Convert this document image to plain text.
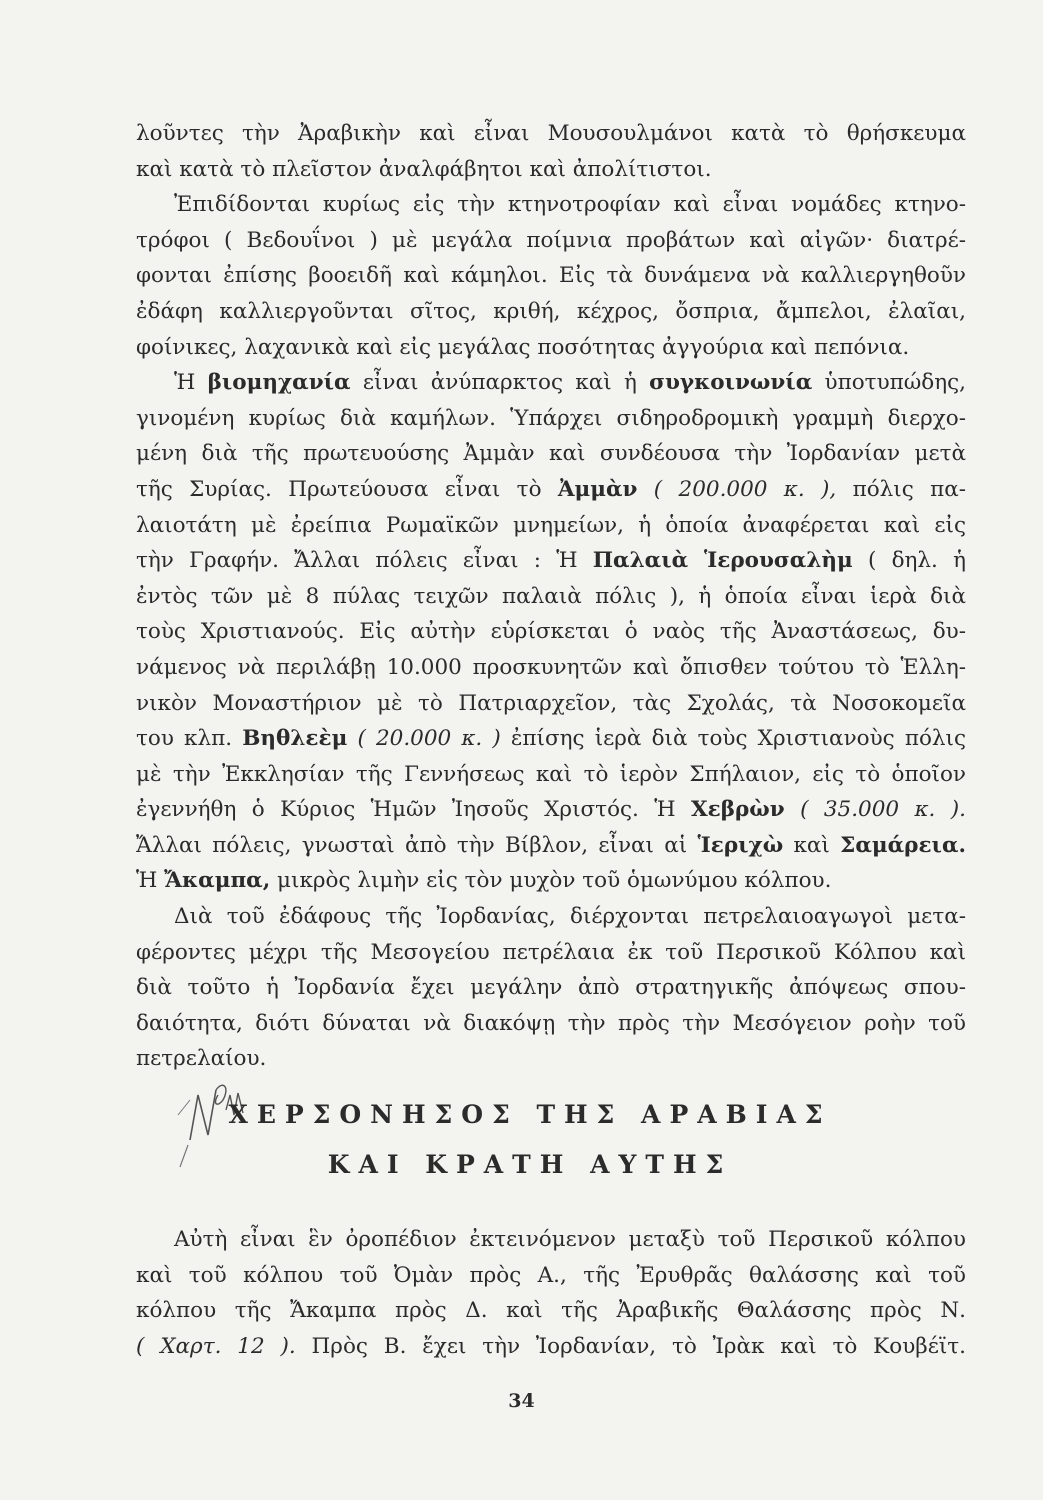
λοῦντες τὴν Ἀραβικὴν καὶ εἶναι Μουσουλμάνοι κατὰ τὸ θρήσκευμα
καὶ κατὰ τὸ πλεῖστον ἀναλφάβητοι καὶ ἀπολίτιστοι.
Ἐπιδίδονται κυρίως εἰς τὴν κτηνοτροφίαν καὶ εἶναι νομάδες κτηνο-
τρόφοι ( Βεδουΐνοι ) μὲ μεγάλα ποίμνια προβάτων καὶ αἰγῶν· διατρέ-
φονται ἐπίσης βοοειδῆ καὶ κάμηλοι. Εἰς τὰ δυνάμενα νὰ καλλιεργηθοῦν
ἐδάφη καλλιεργοῦνται σῖτος, κριθή, κέχρος, ὄσπρια, ἄμπελοι, ἐλαῖαι,
φοίνικες, λαχανικὰ καὶ εἰς μεγάλας ποσότητας ἀγγούρια καὶ πεπόνια.
Ἡ βιομηχανία εἶναι ἀνύπαρκτος καὶ ἡ συγκοινωνία ὑποτυπώδης,
γινομένη κυρίως διὰ καμήλων. Ὑπάρχει σιδηροδρομικὴ γραμμὴ διερχο-
μένη διὰ τῆς πρωτευούσης Ἀμμὰν καὶ συνδέουσα τὴν Ἰορδανίαν μετὰ
τῆς Συρίας. Πρωτεύουσα εἶναι τὸ Ἀμμὰν ( 200.000 κ. ), πόλις πα-
λαιοτάτη μὲ ἐρείπια Ρωμαϊκῶν μνημείων, ἡ ὁποία ἀναφέρεται καὶ εἰς
τὴν Γραφήν. Ἄλλαι πόλεις εἶναι : Ἡ Παλαιὰ Ἱερουσαλὴμ ( δηλ. ἡ
ἐντὸς τῶν μὲ 8 πύλας τειχῶν παλαιὰ πόλις ), ἡ ὁποία εἶναι ἱερὰ διὰ
τοὺς Χριστιανούς. Εἰς αὐτὴν εὑρίσκεται ὁ ναὸς τῆς Ἀναστάσεως, δυ-
νάμενος νὰ περιλάβῃ 10.000 προσκυνητῶν καὶ ὄπισθεν τούτου τὸ Ἑλλη-
νικὸν Μοναστήριον μὲ τὸ Πατριαρχεῖον, τὰς Σχολάς, τὰ Νοσοκομεῖα
του κλπ. Βηθλεὲμ ( 20.000 κ. ) ἐπίσης ἱερὰ διὰ τοὺς Χριστιανοὺς πόλις
μὲ τὴν Ἐκκλησίαν τῆς Γεννήσεως καὶ τὸ ἱερὸν Σπήλαιον, εἰς τὸ ὁποῖον
ἐγεννήθη ὁ Κύριος Ἡμῶν Ἰησοῦς Χριστός. Ἡ Χεβρὼν ( 35.000 κ. ).
Ἄλλαι πόλεις, γνωσταὶ ἀπὸ τὴν Βίβλον, εἶναι αἱ Ἱεριχὼ καὶ Σαμάρεια.
Ἡ Ἄκαμπα, μικρὸς λιμὴν εἰς τὸν μυχὸν τοῦ ὁμωνύμου κόλπου.
Διὰ τοῦ ἐδάφους τῆς Ἰορδανίας, διέρχονται πετρελαιοαγωγοὶ μετα-
φέροντες μέχρι τῆς Μεσογείου πετρέλαια ἐκ τοῦ Περσικοῦ Κόλπου καὶ
διὰ τοῦτο ἡ Ἰορδανία ἔχει μεγάλην ἀπὸ στρατηγικῆς ἀπόψεως σπου-
δαιότητα, διότι δύναται νὰ διακόψῃ τὴν πρὸς τὴν Μεσόγειον ροὴν τοῦ
πετρελαίου.
ΧΕΡΣΟΝΗΣΟΣ ΤΗΣ ΑΡΑΒΙΑΣ
ΚΑΙ ΚΡΑΤΗ ΑΥΤΗΣ
Αὐτὴ εἶναι ἓν ὀροπέδιον ἐκτεινόμενον μεταξὺ τοῦ Περσικοῦ κόλπου
καὶ τοῦ κόλπου τοῦ Ὀμὰν πρὸς Α., τῆς Ἐρυθρᾶς θαλάσσης καὶ τοῦ
κόλπου τῆς Ἄκαμπα πρὸς Δ. καὶ τῆς Ἀραβικῆς Θαλάσσης πρὸς Ν.
( Χαρτ. 12 ). Πρὸς Β. ἔχει τὴν Ἰορδανίαν, τὸ Ἰρὰκ καὶ τὸ Κουβέϊτ.
34
